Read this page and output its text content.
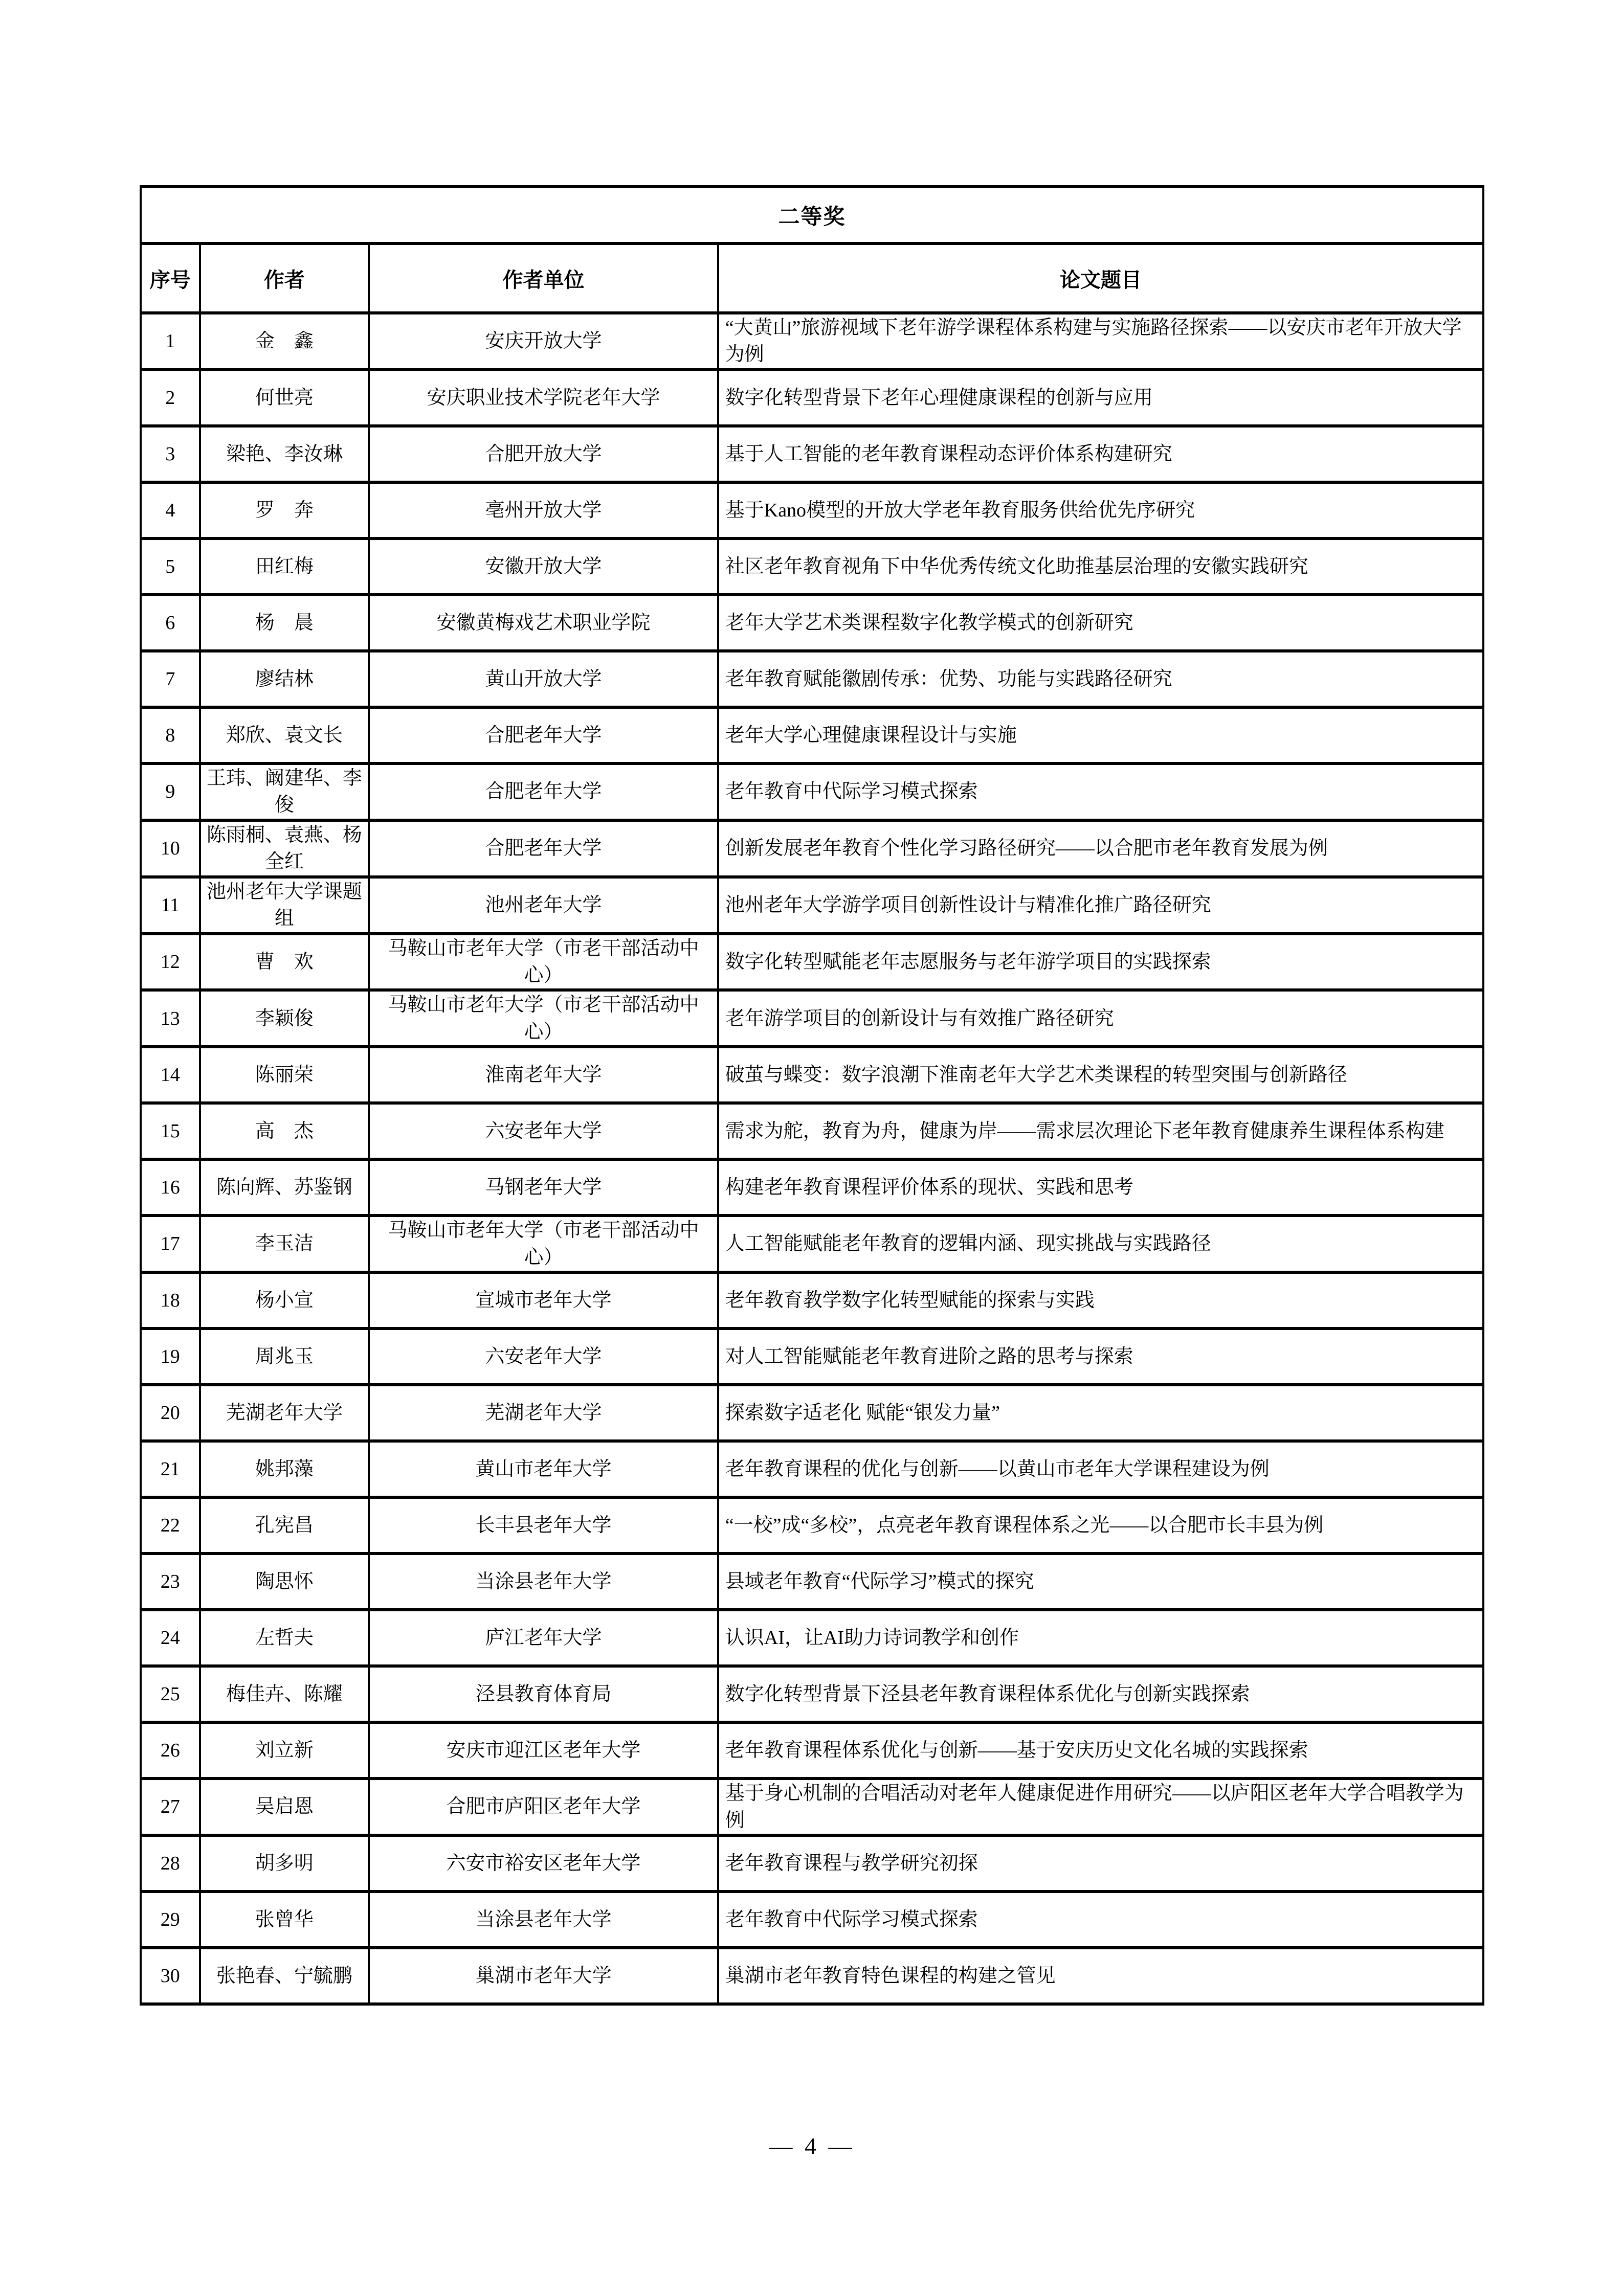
二等奖			
序号	作者	作者单位	论文题目
1	金　鑫	安庆开放大学	“大黄山”旅游视域下老年游学课程体系构建与实施路径探索——以安庆市老年开放大学为例
2	何世亮	安庆职业技术学院老年大学	数字化转型背景下老年心理健康课程的创新与应用
3	梁艳、李汝琳	合肥开放大学	基于人工智能的老年教育课程动态评价体系构建研究
4	罗　奔	亳州开放大学	基于Kano模型的开放大学老年教育服务供给优先序研究
5	田红梅	安徽开放大学	社区老年教育视角下中华优秀传统文化助推基层治理的安徽实践研究
6	杨　晨	安徽黄梅戏艺术职业学院	老年大学艺术类课程数字化教学模式的创新研究
7	廖结林	黄山开放大学	老年教育赋能徽剧传承：优势、功能与实践路径研究
8	郑欣、袁文长	合肥老年大学	老年大学心理健康课程设计与实施
9	王玮、阚建华、李俊	合肥老年大学	老年教育中代际学习模式探索
10	陈雨桐、袁燕、杨全红	合肥老年大学	创新发展老年教育个性化学习路径研究——以合肥市老年教育发展为例
11	池州老年大学课题组	池州老年大学	池州老年大学游学项目创新性设计与精准化推广路径研究
12	曹　欢	马鞍山市老年大学（市老干部活动中心）	数字化转型赋能老年志愿服务与老年游学项目的实践探索
13	李颖俊	马鞍山市老年大学（市老干部活动中心）	老年游学项目的创新设计与有效推广路径研究
14	陈丽荣	淮南老年大学	破茧与蝶变：数字浪潮下淮南老年大学艺术类课程的转型突围与创新路径
15	高　杰	六安老年大学	需求为舵，教育为舟，健康为岸——需求层次理论下老年教育健康养生课程体系构建
16	陈向辉、苏鉴钢	马钢老年大学	构建老年教育课程评价体系的现状、实践和思考
17	李玉洁	马鞍山市老年大学（市老干部活动中心）	人工智能赋能老年教育的逻辑内涵、现实挑战与实践路径
18	杨小宣	宣城市老年大学	老年教育教学数字化转型赋能的探索与实践
19	周兆玉	六安老年大学	对人工智能赋能老年教育进阶之路的思考与探索
20	芜湖老年大学	芜湖老年大学	探索数字适老化 赋能“银发力量”
21	姚邦藻	黄山市老年大学	老年教育课程的优化与创新——以黄山市老年大学课程建设为例
22	孔宪昌	长丰县老年大学	“一校”成“多校”，点亮老年教育课程体系之光——以合肥市长丰县为例
23	陶思怀	当涂县老年大学	县域老年教育“代际学习”模式的探究
24	左哲夫	庐江老年大学	认识AI，让AI助力诗词教学和创作
25	梅佳卉、陈耀	泾县教育体育局	数字化转型背景下泾县老年教育课程体系优化与创新实践探索
26	刘立新	安庆市迎江区老年大学	老年教育课程体系优化与创新——基于安庆历史文化名城的实践探索
27	吴启恩	合肥市庐阳区老年大学	基于身心机制的合唱活动对老年人健康促进作用研究——以庐阳区老年大学合唱教学为例
28	胡多明	六安市裕安区老年大学	老年教育课程与教学研究初探
29	张曾华	当涂县老年大学	老年教育中代际学习模式探索
30	张艳春、宁毓鹏	巢湖市老年大学	巢湖市老年教育特色课程的构建之管见
— 4 —
